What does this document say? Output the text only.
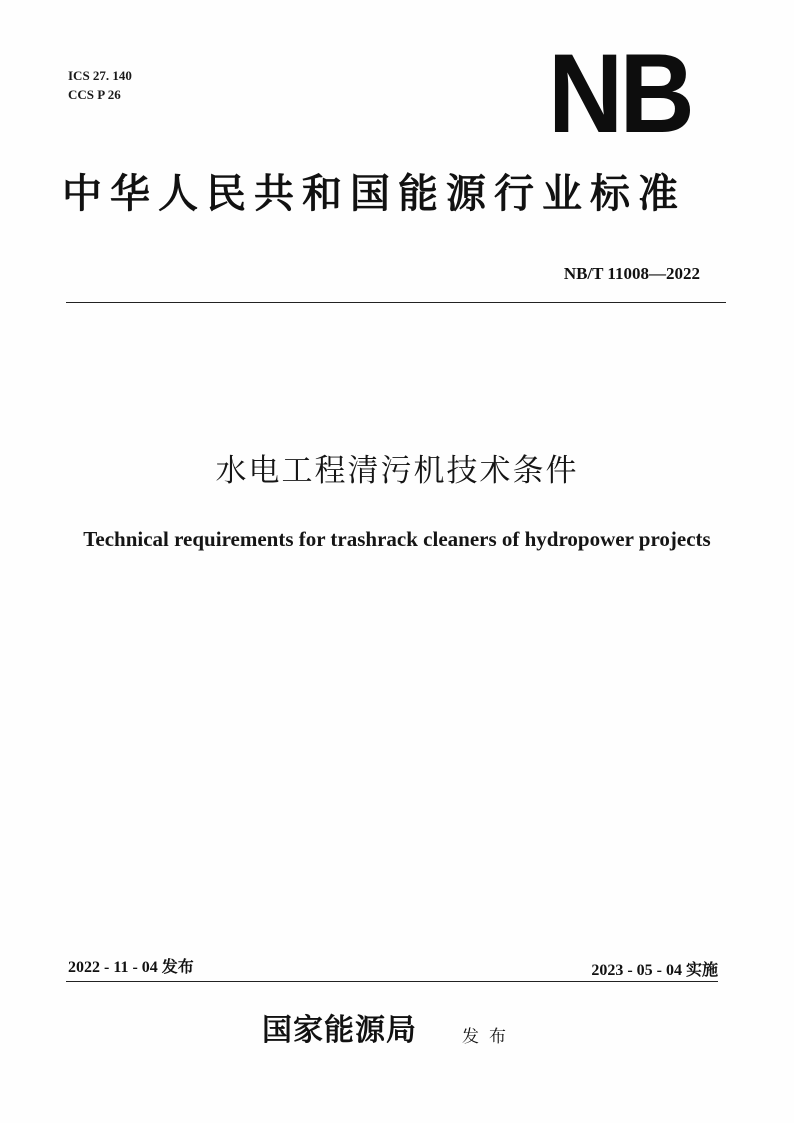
ICS 27. 140
CCS P 26	NB
中华人民共和国能源行业标准
NB/T 11008—2022
水电工程清污机技术条件
Technical requirements for trashrack cleaners of hydropower projects
2022 - 11 - 04 发布	2023 - 05 - 04 实施
国家能源局	发布
